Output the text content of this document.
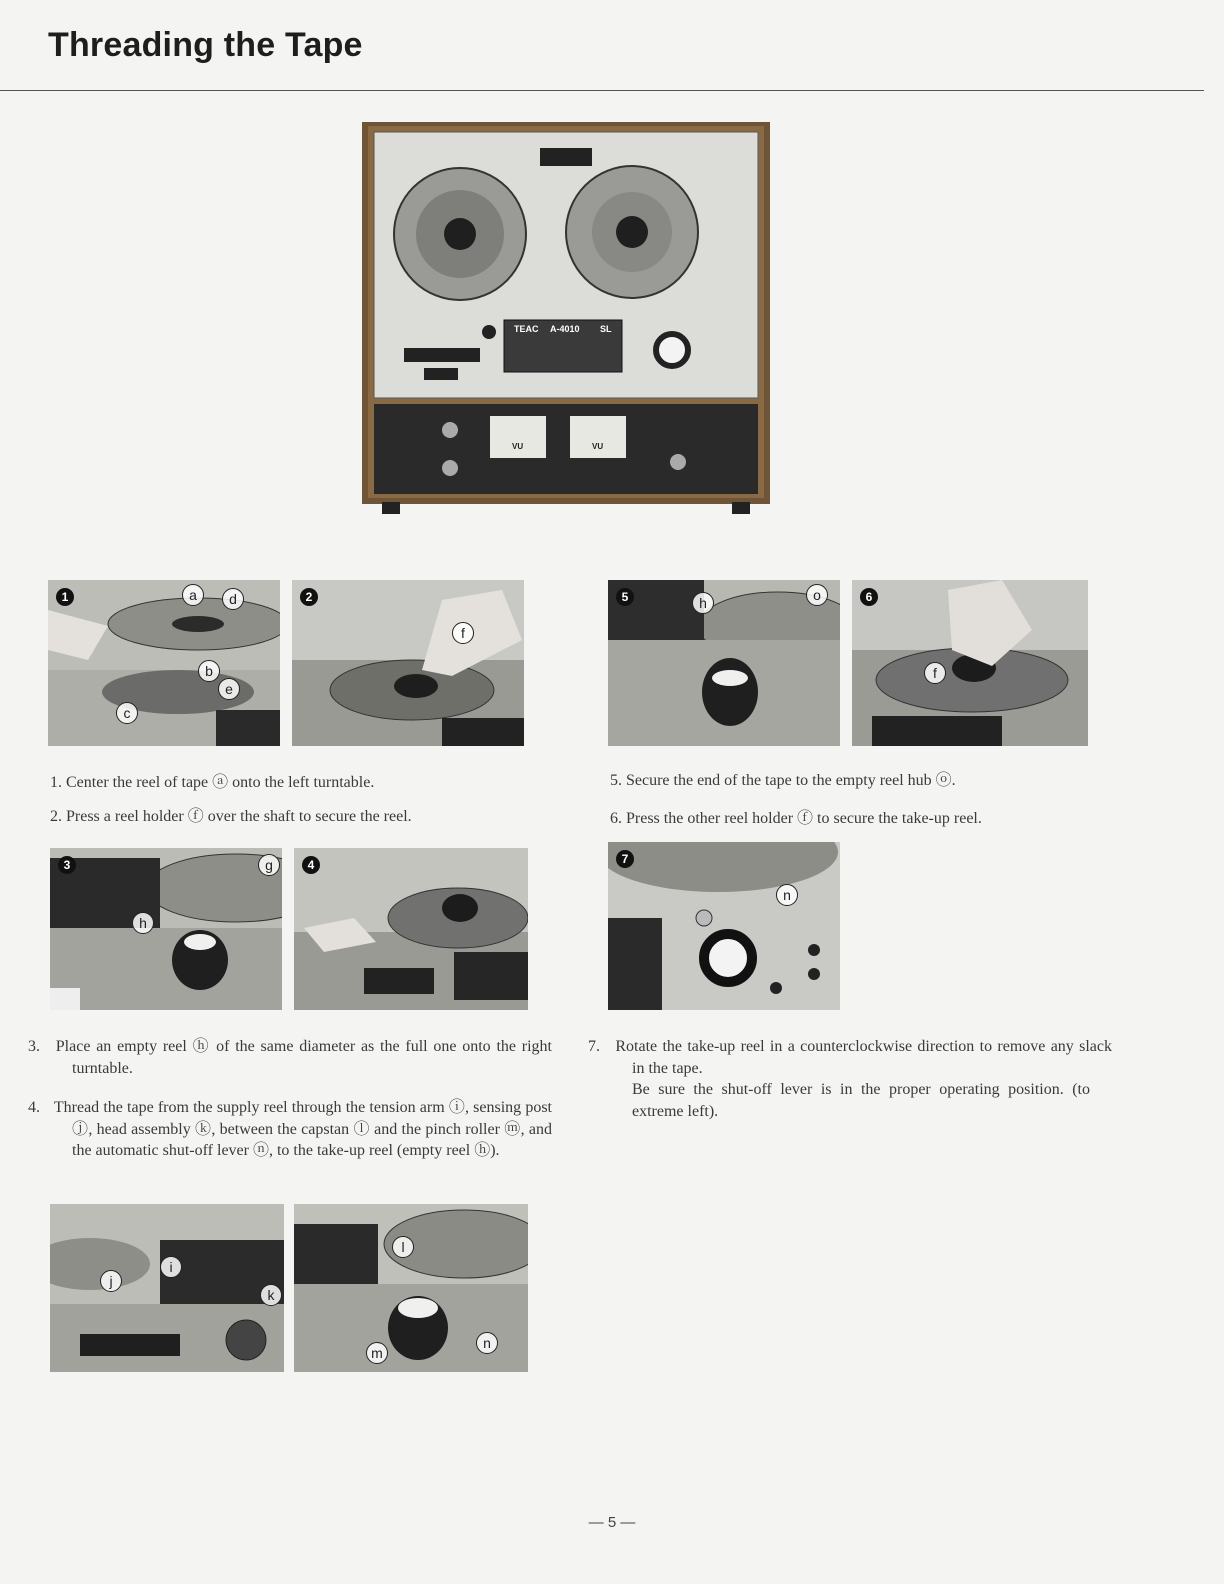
Threading the Tape
TEAC A-4010 SL
VU	VU
1	a	d
b
e
c
2
f
5	h	o	6
f

1. Center the reel of tape ⓐ onto the left turntable.

2. Press a reel holder ⓕ over the shaft to secure the reel.

5. Secure the end of the tape to the empty reel hub ⓞ.

6. Press the other reel holder ⓕ to secure the take-up reel.

3	g
h
4	7
n

3. Place an empty reel ⓗ of the same diameter as the full one onto the right turntable.

4. Thread the tape from the supply reel through the tension arm ⓘ, sensing post ⓙ, head assembly ⓚ, between the capstan ⓛ and the pinch roller ⓜ, and the automatic shut-off lever ⓝ, to the take-up reel (empty reel ⓗ).

7. Rotate the take-up reel in a counterclockwise direction to remove any slack in the tape.

Be sure the shut-off lever is in the proper operating position. (to extreme left).

i
j
k
l
m
n
— 5 —
